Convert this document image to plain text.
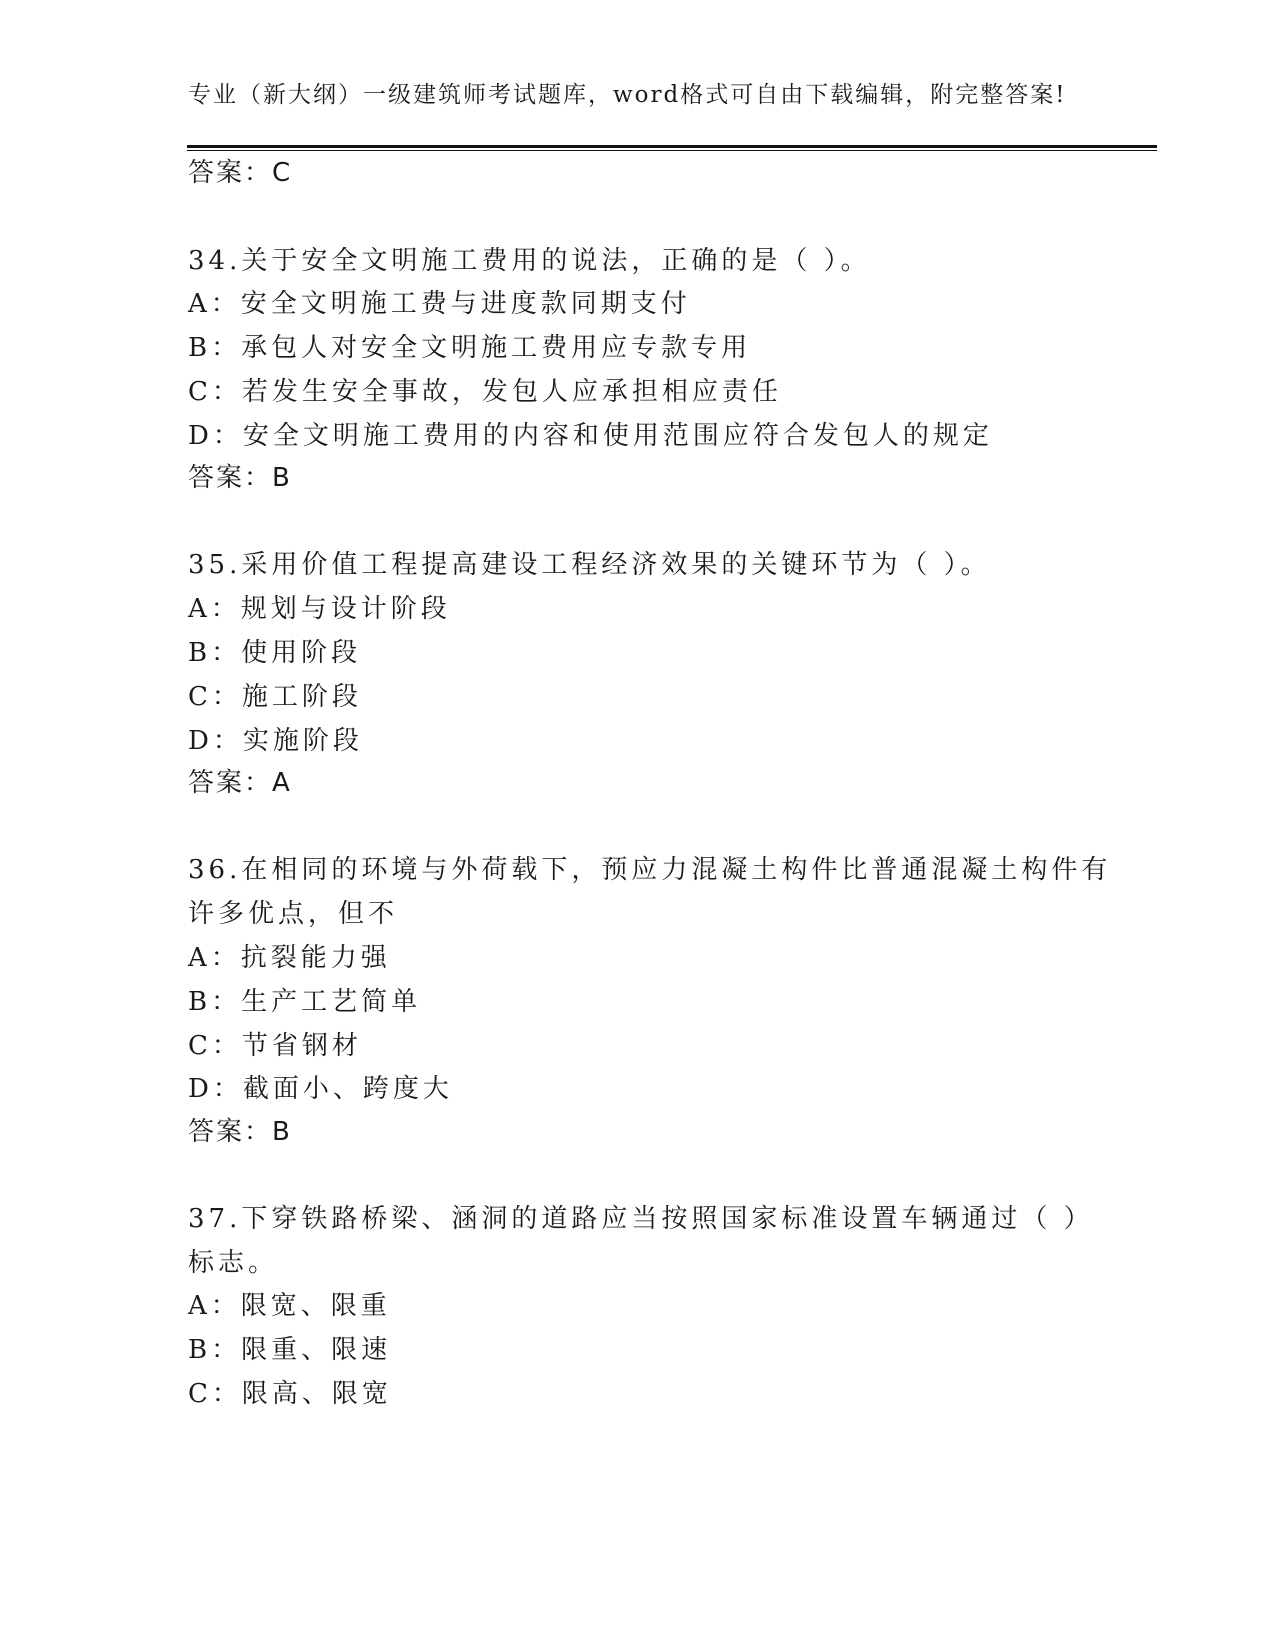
专业（新大纲）一级建筑师考试题库，word格式可自由下载编辑，附完整答案!
答案：C
34.关于安全文明施工费用的说法，正确的是（ ）。
A：安全文明施工费与进度款同期支付
B：承包人对安全文明施工费用应专款专用
C：若发生安全事故，发包人应承担相应责任
D：安全文明施工费用的内容和使用范围应符合发包人的规定
答案：B
35.采用价值工程提高建设工程经济效果的关键环节为（ ）。
A：规划与设计阶段
B：使用阶段
C：施工阶段
D：实施阶段
答案：A
36.在相同的环境与外荷载下，预应力混凝土构件比普通混凝土构件有
许多优点，但不
A：抗裂能力强
B：生产工艺简单
C：节省钢材
D：截面小、跨度大
答案：B
37.下穿铁路桥梁、涵洞的道路应当按照国家标准设置车辆通过（ ）
标志。
A：限宽、限重
B：限重、限速
C：限高、限宽
